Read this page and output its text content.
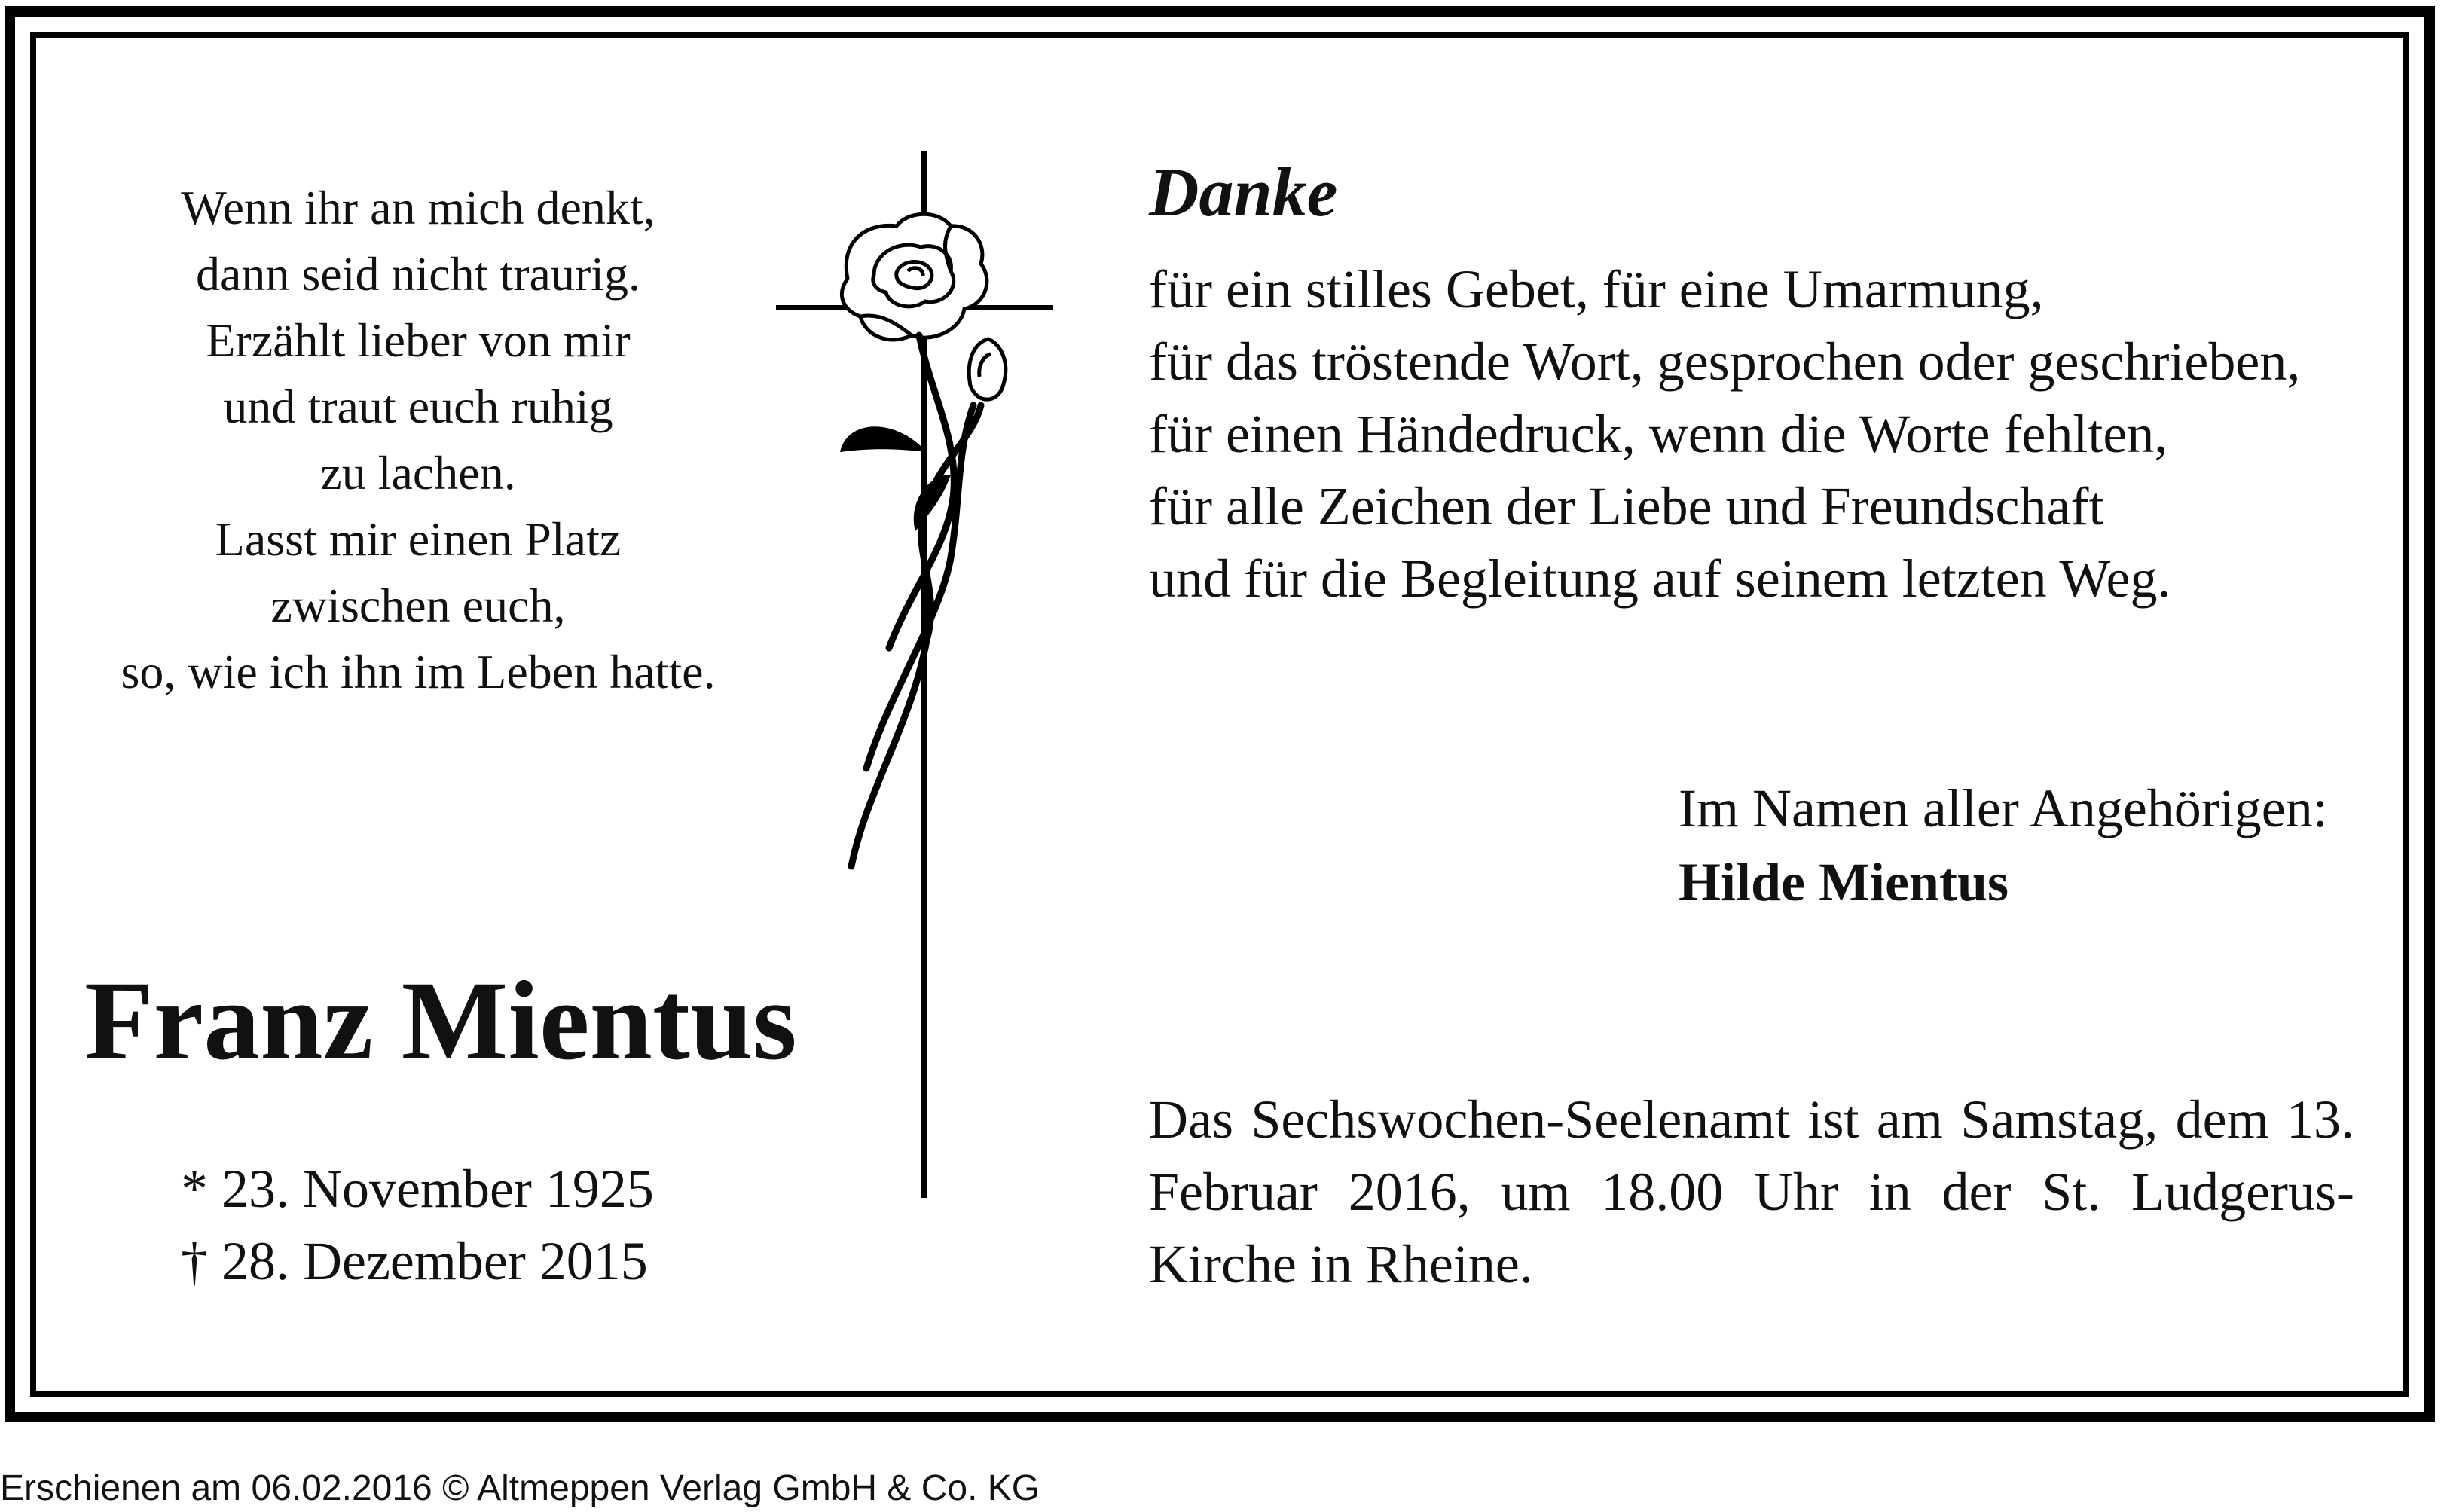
Wenn ihr an mich denkt,
dann seid nicht traurig.
Erzählt lieber von mir
und traut euch ruhig
zu lachen.
Lasst mir einen Platz
zwischen euch,
so, wie ich ihn im Leben hatte.
Franz Mientus
* 23. November 1925
† 28. Dezember 2015
Danke
für ein stilles Gebet, für eine Umarmung,
für das tröstende Wort, gesprochen oder geschrieben,
für einen Händedruck, wenn die Worte fehlten,
für alle Zeichen der Liebe und Freundschaft
und für die Begleitung auf seinem letzten Weg.
Im Namen aller Angehörigen:
Hilde Mientus
Das Sechswochen-Seelenamt ist am Samstag, dem 13. Februar 2016, um 18.00 Uhr in der St. Ludgerus-Kirche in Rheine.
Erschienen am 06.02.2016 © Altmeppen Verlag GmbH & Co. KG
